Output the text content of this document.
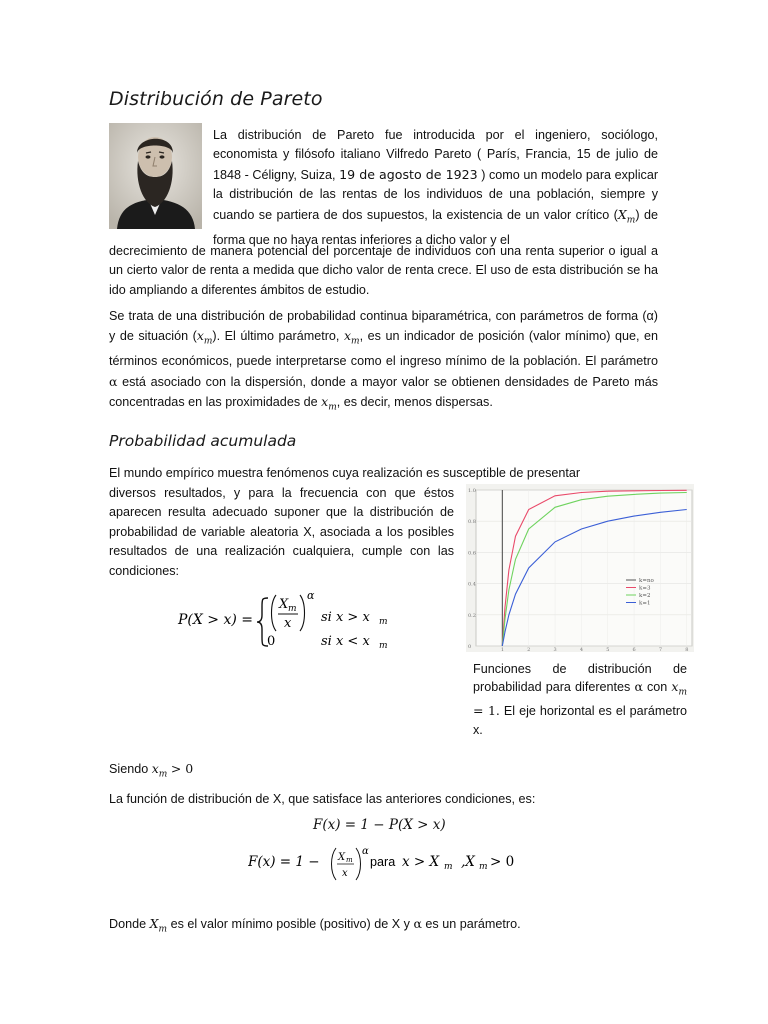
Distribución de Pareto
La distribución de Pareto fue introducida por el ingeniero, sociólogo, economista y filósofo italiano Vilfredo Pareto ( París, Francia, 15 de julio de 1848 - Céligny, Suiza, 19 de agosto de 1923 ) como un modelo para explicar la distribución de las rentas de los individuos de una población, siempre y cuando se partiera de dos supuestos, la existencia de un valor crítico $(X_m)$ de forma que no haya rentas inferiores a dicho valor y el
decrecimiento de manera potencial del porcentaje de individuos con una renta superior o igual a un cierto valor de renta a medida que dicho valor de renta crece. El uso de esta distribución se ha ido ampliando a diferentes ámbitos de estudio.
Se trata de una distribución de probabilidad continua biparamétrica, con parámetros de forma (α) y de situación $(x_m)$. El último parámetro, $x_m$, es un indicador de posición (valor mínimo) que, en términos económicos, puede interpretarse como el ingreso mínimo de la población. El parámetro α está asociado con la dispersión, donde a mayor valor se obtienen densidades de Pareto más concentradas en las proximidades de $x_m$, es decir, menos dispersas.
Probabilidad acumulada
El mundo empírico muestra fenómenos cuya realización es susceptible de presentar
diversos resultados, y para la frecuencia con que éstos aparecen resulta adecuado suponer que la distribución de probabilidad de variable aleatoria X, asociada a los posibles resultados de una realización cualquiera, cumple con las condiciones:
P(X > x) =
X m
x
α
si x > x m
0	si x < x m
1.0
0.8
0.6
0.4
0.2
0	1	2	3	4	5	6	7	8
k=no
k=3
k=2
k=1
Funciones de distribución de probabilidad para diferentes α con $x_m = 1$. El eje horizontal es el parámetro x.
Siendo $x_m > 0$
La función de distribución de X, que satisface las anteriores condiciones, es:
F(x) = 1 − P(X > x)
F(x) = 1 − X m
x
α
para x > X m ,X m > 0
Donde $X_m$ es el valor mínimo posible (positivo) de X y α es un parámetro.
